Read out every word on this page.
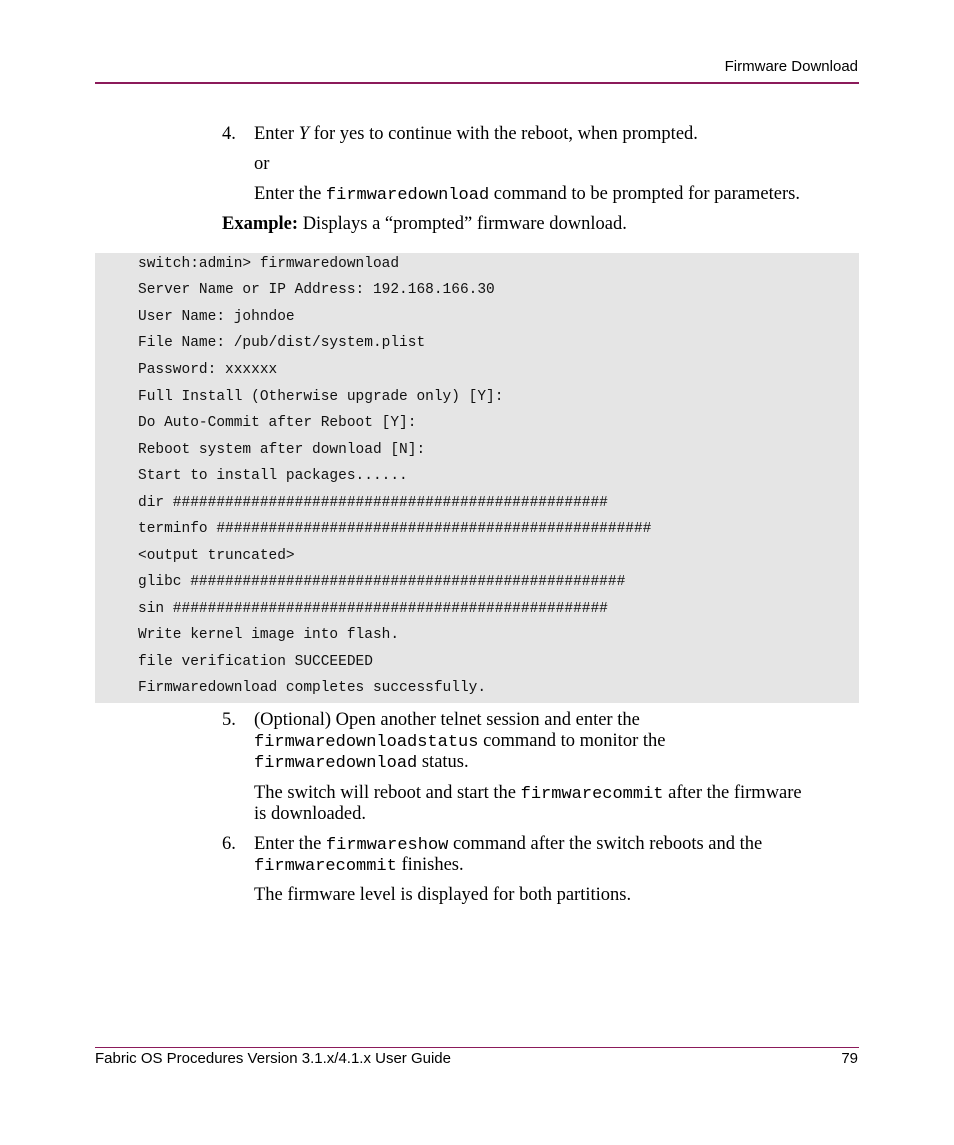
Firmware Download
4. Enter Y for yes to continue with the reboot, when prompted.
or
Enter the firmwaredownload command to be prompted for parameters.
Example: Displays a “prompted” firmware download.
switch:admin> firmwaredownload
Server Name or IP Address: 192.168.166.30
User Name: johndoe
File Name: /pub/dist/system.plist
Password: xxxxxx
Full Install (Otherwise upgrade only) [Y]:
Do Auto-Commit after Reboot [Y]:
Reboot system after download [N]:
Start to install packages......
dir ##################################################
terminfo ##################################################
<output truncated>
glibc ##################################################
sin ##################################################
Write kernel image into flash.
file verification SUCCEEDED
Firmwaredownload completes successfully.
5. (Optional) Open another telnet session and enter the
firmwaredownloadstatus command to monitor the
firmwaredownload status.
The switch will reboot and start the firmwarecommit after the firmware
is downloaded.
6. Enter the firmwareshow command after the switch reboots and the
firmwarecommit finishes.
The firmware level is displayed for both partitions.
Fabric OS Procedures Version 3.1.x/4.1.x User Guide	79
